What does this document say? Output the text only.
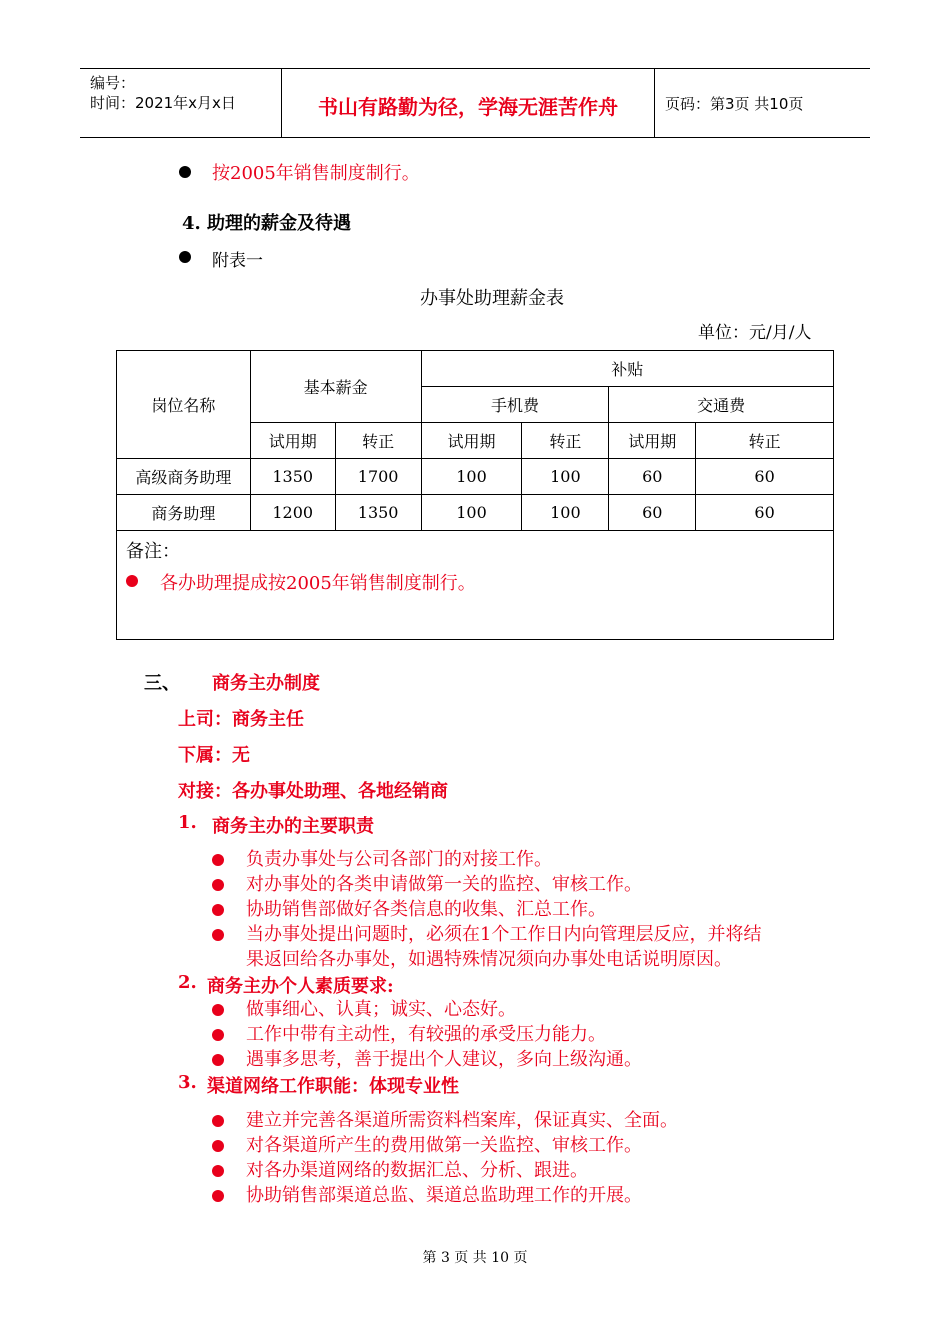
编号：
时间：2021年x月x日	书山有路勤为径，学海无涯苦作舟	页码：第3页 共10页
按2005年销售制度制行。
4. 助理的薪金及待遇
附表一
办事处助理薪金表
单位：元/月/人
岗位名称	基本薪金		补贴			
			手机费		交通费	
	试用期	转正	试用期	转正	试用期	转正
高级商务助理	1350	1700	100	100	60	60
商务助理	1200	1350	100	100	60	60
备注：
各办助理提成按2005年销售制度制行。
三、 商务主办制度
上司：商务主任
下属：无
对接：各办事处助理、各地经销商
1. 商务主办的主要职责
负责办事处与公司各部门的对接工作。
对办事处的各类申请做第一关的监控、审核工作。
协助销售部做好各类信息的收集、汇总工作。
当办事处提出问题时，必须在1个工作日内向管理层反应，并将结
果返回给各办事处，如遇特殊情况须向办事处电话说明原因。
2. 商务主办个人素质要求:
做事细心、认真；诚实、心态好。
工作中带有主动性，有较强的承受压力能力。
遇事多思考，善于提出个人建议，多向上级沟通。
3. 渠道网络工作职能：体现专业性
建立并完善各渠道所需资料档案库，保证真实、全面。
对各渠道所产生的费用做第一关监控、审核工作。
对各办渠道网络的数据汇总、分析、跟进。
协助销售部渠道总监、渠道总监助理工作的开展。
第 3 页 共 10 页
